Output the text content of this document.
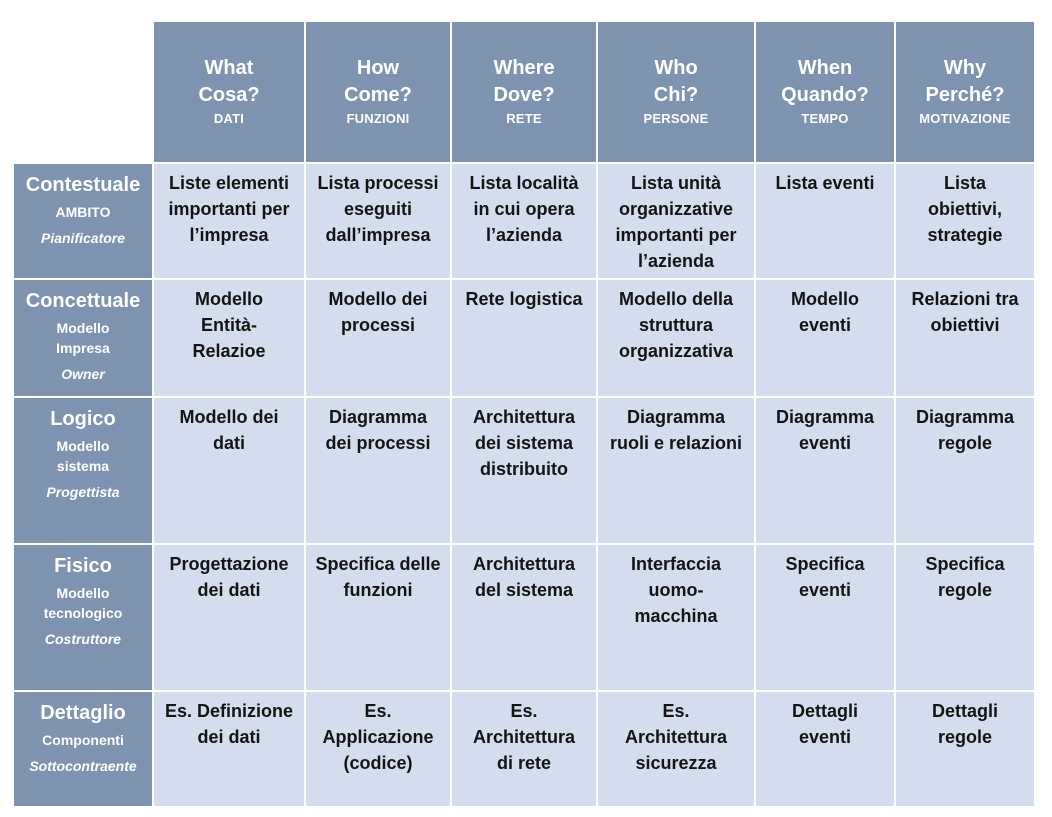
What
Cosa?
DATI
How
Come?
FUNZIONI
Where
Dove?
RETE
Who
Chi?
PERSONE
When
Quando?
TEMPO
Why
Perché?
MOTIVAZIONE
Contestuale
AMBITO
Pianificatore
Liste elementi
importanti per
l’impresa
Lista processi
eseguiti
dall’impresa
Lista località
in cui opera
l’azienda
Lista unità
organizzative
importanti per
l’azienda
Lista eventi	Lista
obiettivi,
strategie
Concettuale
Modello
Impresa
Owner
Modello
Entità-
Relazioe
Modello dei
processi
Rete logistica	Modello della
struttura
organizzativa
Modello
eventi
Relazioni tra
obiettivi
Logico
Modello
sistema
Progettista
Modello dei
dati
Diagramma
dei processi
Architettura
dei sistema
distribuito
Diagramma
ruoli e relazioni
Diagramma
eventi
Diagramma
regole
Fisico
Modello
tecnologico
Costruttore
Progettazione
dei dati
Specifica delle
funzioni
Architettura
del sistema
Interfaccia
uomo-
macchina
Specifica
eventi
Specifica
regole
Dettaglio
Componenti
Sottocontraente
Es. Definizione
dei dati
Es.
Applicazione
(codice)
Es.
Architettura
di rete
Es.
Architettura
sicurezza
Dettagli
eventi
Dettagli
regole
